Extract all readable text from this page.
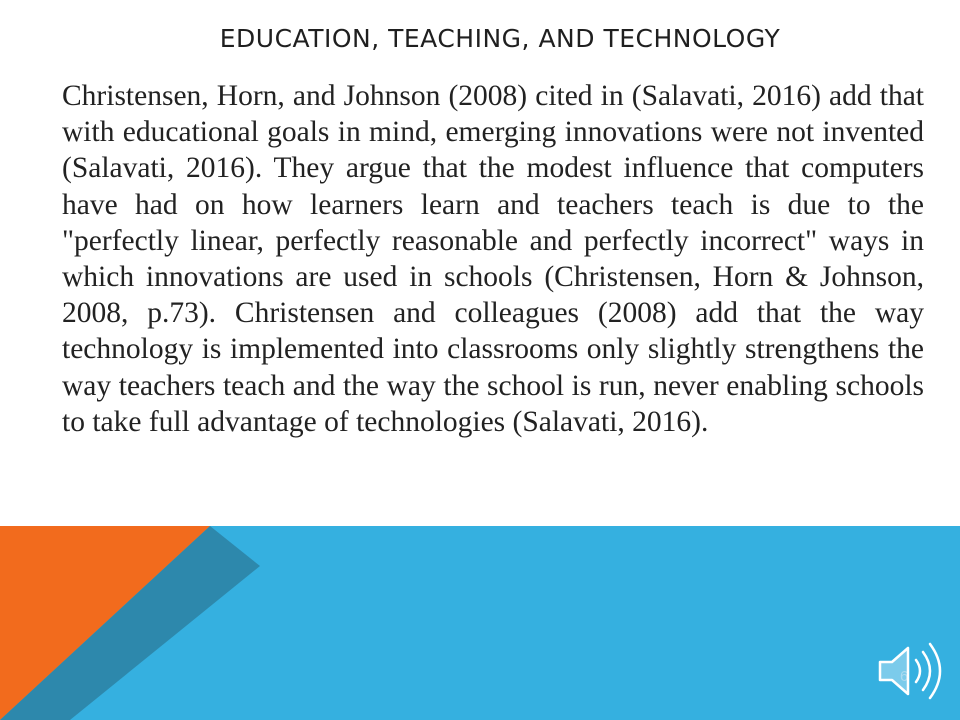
EDUCATION, TEACHING, AND TECHNOLOGY

Christensen, Horn, and Johnson (2008) cited in (Salavati, 2016) add that with educational goals in mind, emerging innovations were not invented (Salavati, 2016). They argue that the modest influence that computers have had on how learners learn and teachers teach is due to the "perfectly linear, perfectly reasonable and perfectly incorrect" ways in which innovations are used in schools (Christensen, Horn & Johnson, 2008, p.73). Christensen and colleagues (2008) add that the way technology is implemented into classrooms only slightly strengthens the way teachers teach and the way the school is run, never enabling schools to take full advantage of technologies (Salavati, 2016).

6
